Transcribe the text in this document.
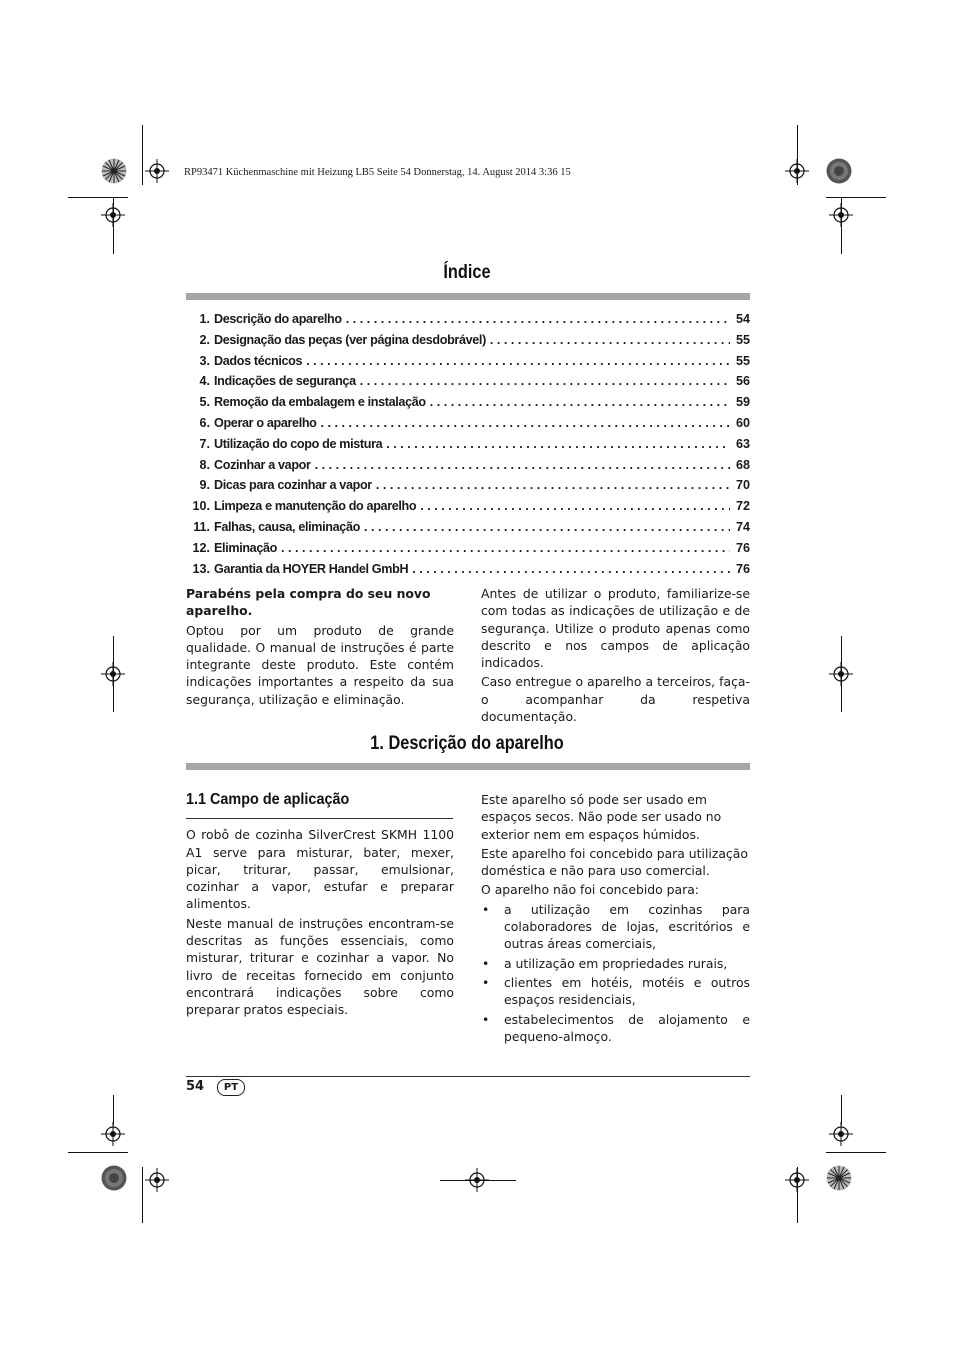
RP93471 Küchenmaschine mit Heizung LB5 Seite 54 Donnerstag, 14. August 2014 3:36 15
Índice
1. Descrição do aparelho . . .	54
2. Designação das peças (ver página desdobrável) . . .	55
3. Dados técnicos . . .	55
4. Indicações de segurança . . .	56
5. Remoção da embalagem e instalação . . .	59
6. Operar o aparelho . . .	60
7. Utilização do copo de mistura . . .	63
8. Cozinhar a vapor . . .	68
9. Dicas para cozinhar a vapor . . .	70
10. Limpeza e manutenção do aparelho . . .	72
11. Falhas, causa, eliminação . . .	74
12. Eliminação . . .	76
13. Garantia da HOYER Handel GmbH . . .	76

Parabéns pela compra do seu novo aparelho.

Optou por um produto de grande qualidade. O manual de instruções é parte integrante deste produto. Este contém indicações importantes a respeito da sua segurança, utilização e eliminação.

Antes de utilizar o produto, familiarize-se com todas as indicações de utilização e de segurança. Utilize o produto apenas como descrito e nos campos de aplicação indicados.

Caso entregue o aparelho a terceiros, faça-o acompanhar da respetiva documentação.

1. Descrição do aparelho

1.1 Campo de aplicação

O robô de cozinha SilverCrest SKMH 1100 A1 serve para misturar, bater, mexer, picar, triturar, passar, emulsionar, cozinhar a vapor, estufar e preparar alimentos.

Neste manual de instruções encontram-se descritas as funções essenciais, como misturar, triturar e cozinhar a vapor. No livro de receitas fornecido em conjunto encontrará indicações sobre como preparar pratos especiais.

Este aparelho só pode ser usado em espaços secos. Não pode ser usado no exterior nem em espaços húmidos.

Este aparelho foi concebido para utilização doméstica e não para uso comercial.

O aparelho não foi concebido para:

• a utilização em cozinhas para colaboradores de lojas, escritórios e outras áreas comerciais,
• a utilização em propriedades rurais,
• clientes em hotéis, motéis e outros espaços residenciais,
• estabelecimentos de alojamento e pequeno-almoço.
54	PT
